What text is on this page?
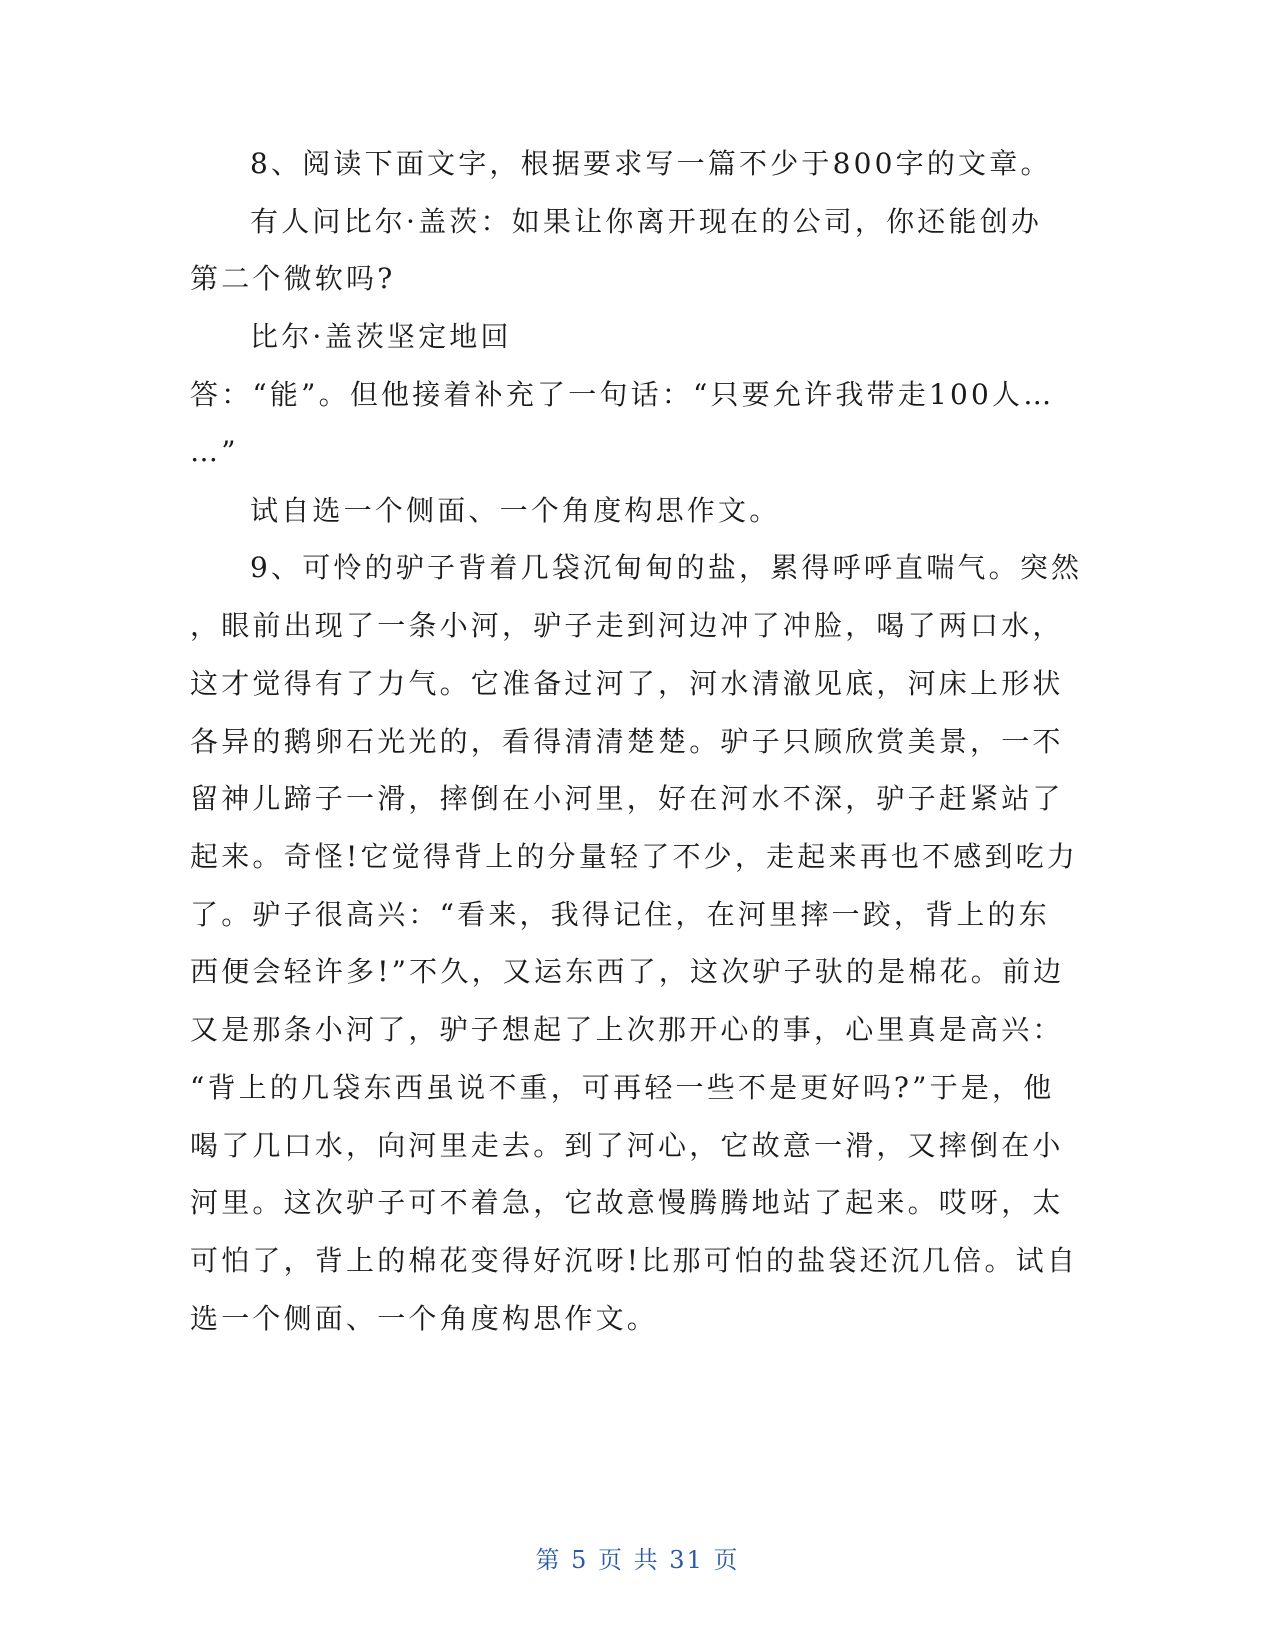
8、阅读下面文字，根据要求写一篇不少于800字的文章。
有人问比尔·盖茨：如果让你离开现在的公司，你还能创办
第二个微软吗?
比尔·盖茨坚定地回
答：“能”。但他接着补充了一句话：“只要允许我带走100人…
…”
试自选一个侧面、一个角度构思作文。
9、可怜的驴子背着几袋沉甸甸的盐，累得呼呼直喘气。突然
，眼前出现了一条小河，驴子走到河边冲了冲脸，喝了两口水，
这才觉得有了力气。它准备过河了，河水清澈见底，河床上形状
各异的鹅卵石光光的，看得清清楚楚。驴子只顾欣赏美景，一不
留神儿蹄子一滑，摔倒在小河里，好在河水不深，驴子赶紧站了
起来。奇怪!它觉得背上的分量轻了不少，走起来再也不感到吃力
了。驴子很高兴：“看来，我得记住，在河里摔一跤，背上的东
西便会轻许多!”不久，又运东西了，这次驴子驮的是棉花。前边
又是那条小河了，驴子想起了上次那开心的事，心里真是高兴：
“背上的几袋东西虽说不重，可再轻一些不是更好吗?”于是，他
喝了几口水，向河里走去。到了河心，它故意一滑，又摔倒在小
河里。这次驴子可不着急，它故意慢腾腾地站了起来。哎呀，太
可怕了，背上的棉花变得好沉呀!比那可怕的盐袋还沉几倍。试自
选一个侧面、一个角度构思作文。
第 5 页 共 31 页
